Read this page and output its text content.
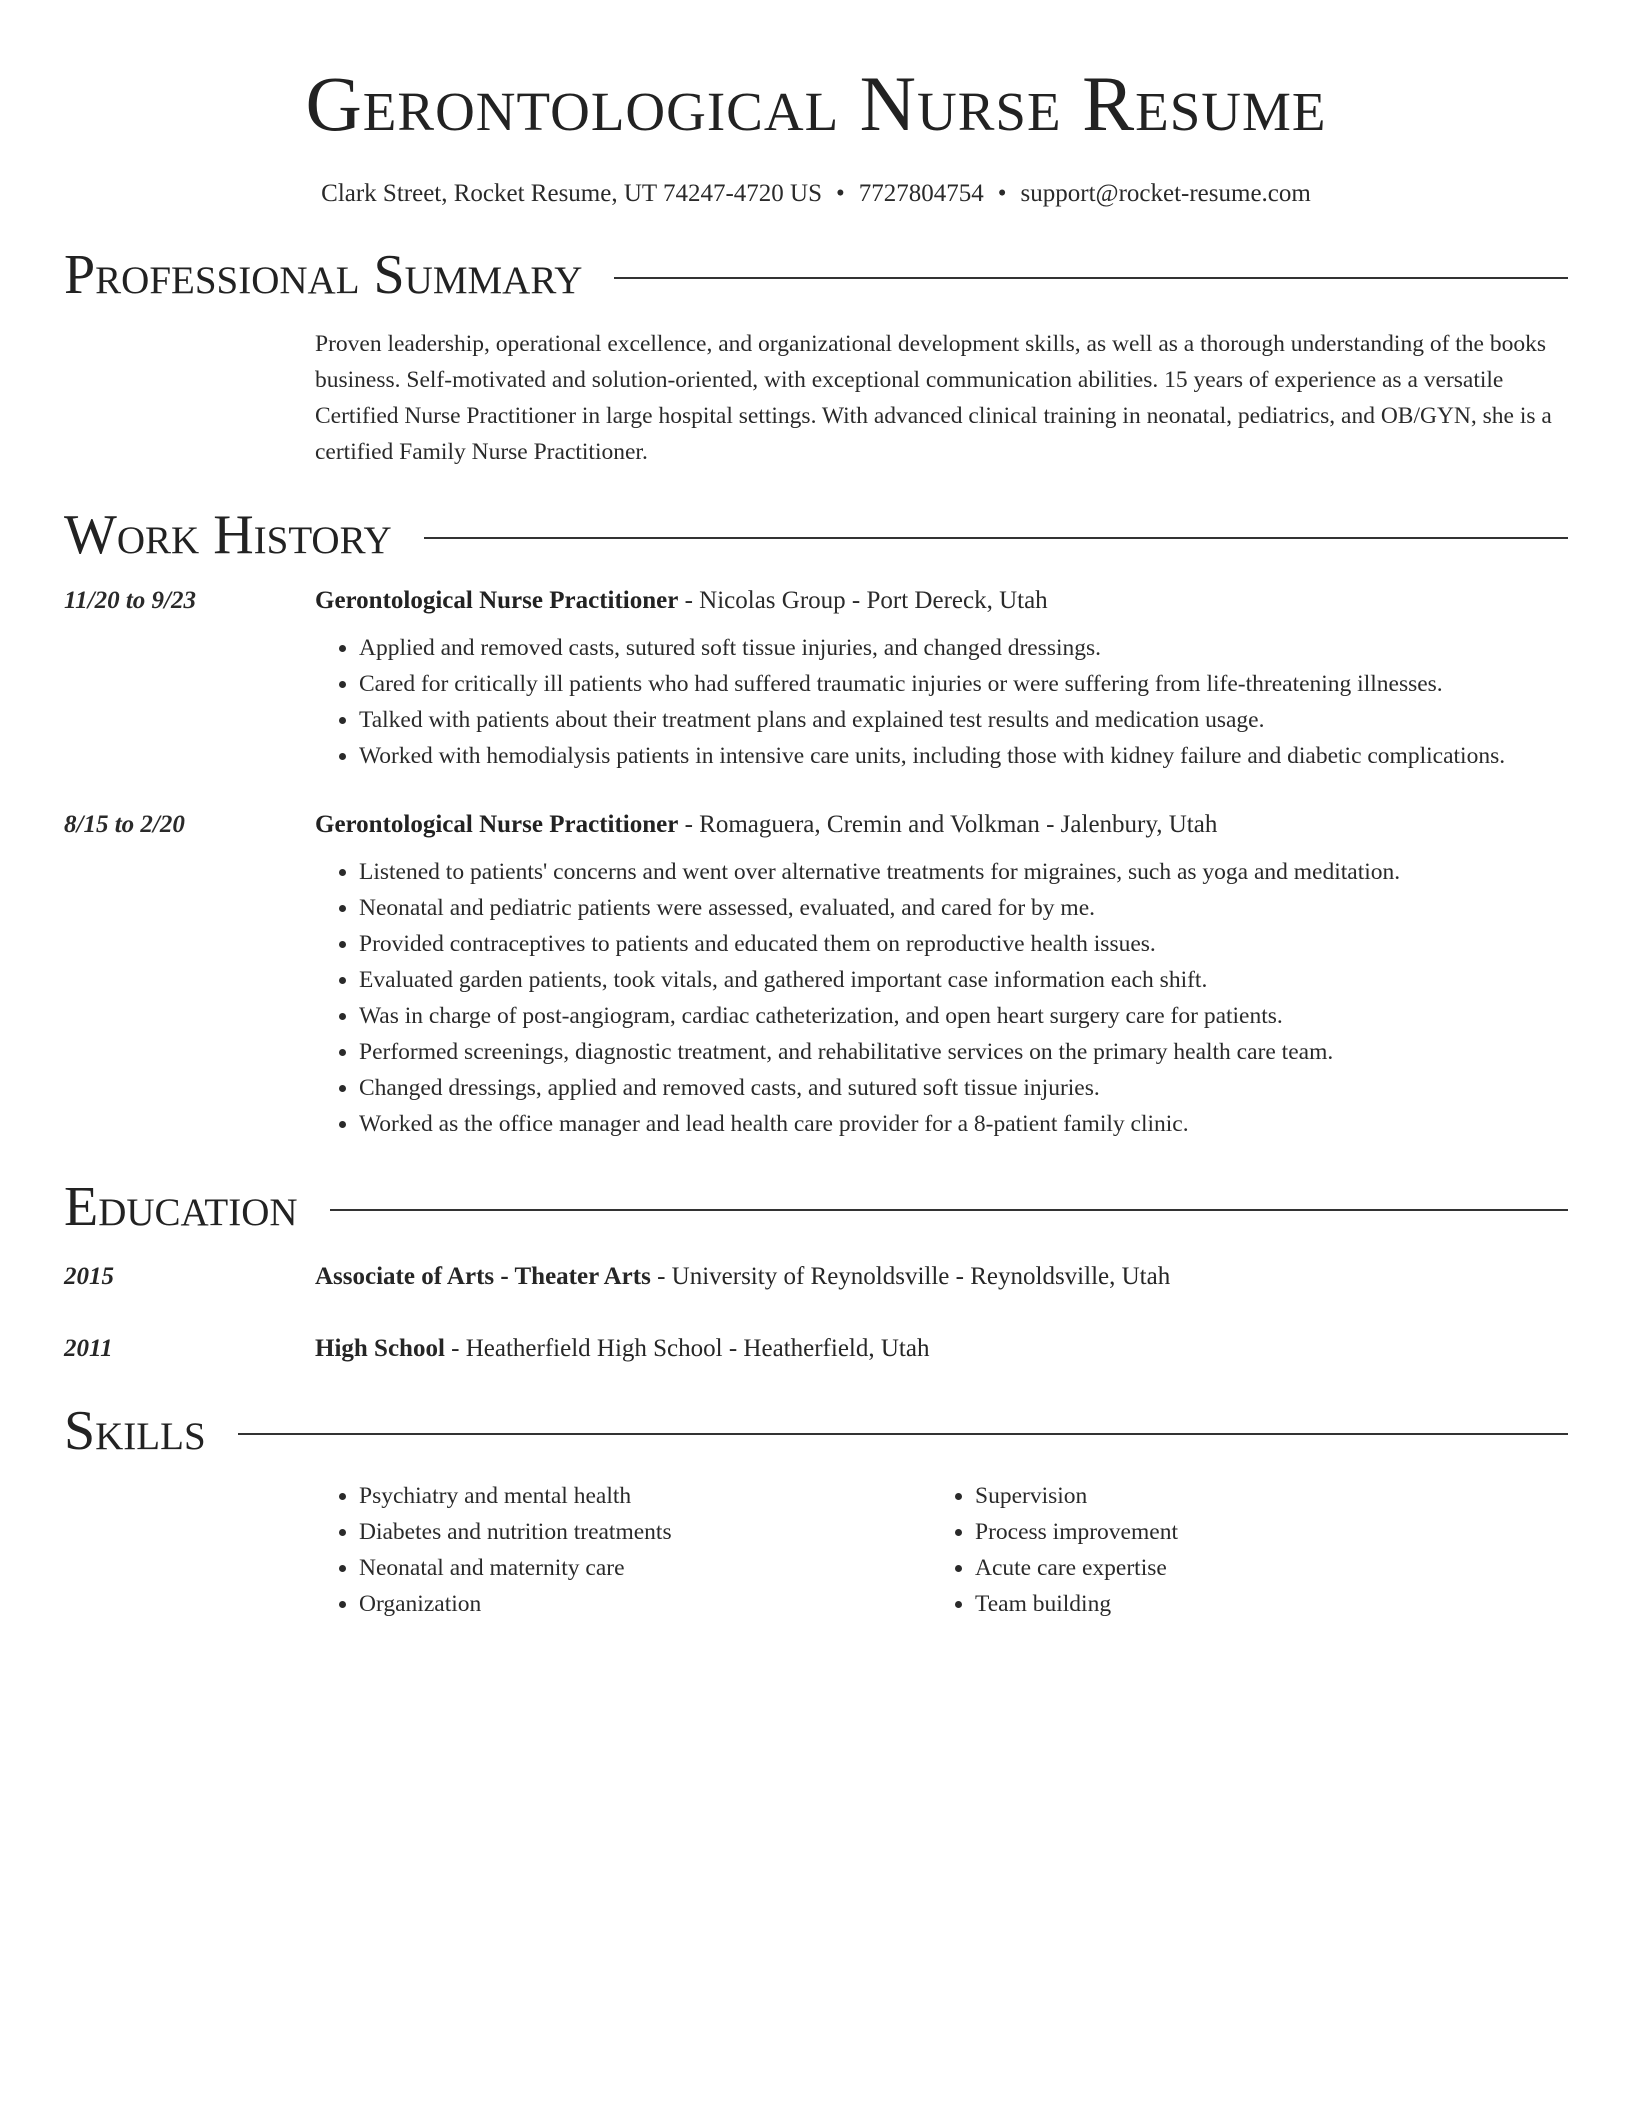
Gerontological Nurse Resume
Clark Street, Rocket Resume, UT 74247-4720 US • 7727804754 • support@rocket-resume.com
Professional Summary
Proven leadership, operational excellence, and organizational development skills, as well as a thorough understanding of the books business. Self-motivated and solution-oriented, with exceptional communication abilities. 15 years of experience as a versatile Certified Nurse Practitioner in large hospital settings. With advanced clinical training in neonatal, pediatrics, and OB/GYN, she is a certified Family Nurse Practitioner.
Work History
11/20 to 9/23	Gerontological Nurse Practitioner - Nicolas Group - Port Dereck, Utah
• Applied and removed casts, sutured soft tissue injuries, and changed dressings.
• Cared for critically ill patients who had suffered traumatic injuries or were suffering from life-threatening illnesses.
• Talked with patients about their treatment plans and explained test results and medication usage.
• Worked with hemodialysis patients in intensive care units, including those with kidney failure and diabetic complications.
8/15 to 2/20	Gerontological Nurse Practitioner - Romaguera, Cremin and Volkman - Jalenbury, Utah
• Listened to patients' concerns and went over alternative treatments for migraines, such as yoga and meditation.
• Neonatal and pediatric patients were assessed, evaluated, and cared for by me.
• Provided contraceptives to patients and educated them on reproductive health issues.
• Evaluated garden patients, took vitals, and gathered important case information each shift.
• Was in charge of post-angiogram, cardiac catheterization, and open heart surgery care for patients.
• Performed screenings, diagnostic treatment, and rehabilitative services on the primary health care team.
• Changed dressings, applied and removed casts, and sutured soft tissue injuries.
• Worked as the office manager and lead health care provider for a 8-patient family clinic.
Education
2015	Associate of Arts - Theater Arts - University of Reynoldsville - Reynoldsville, Utah
2011	High School - Heatherfield High School - Heatherfield, Utah
Skills
• Psychiatry and mental health
• Diabetes and nutrition treatments
• Neonatal and maternity care
• Organization
• Supervision
• Process improvement
• Acute care expertise
• Team building
